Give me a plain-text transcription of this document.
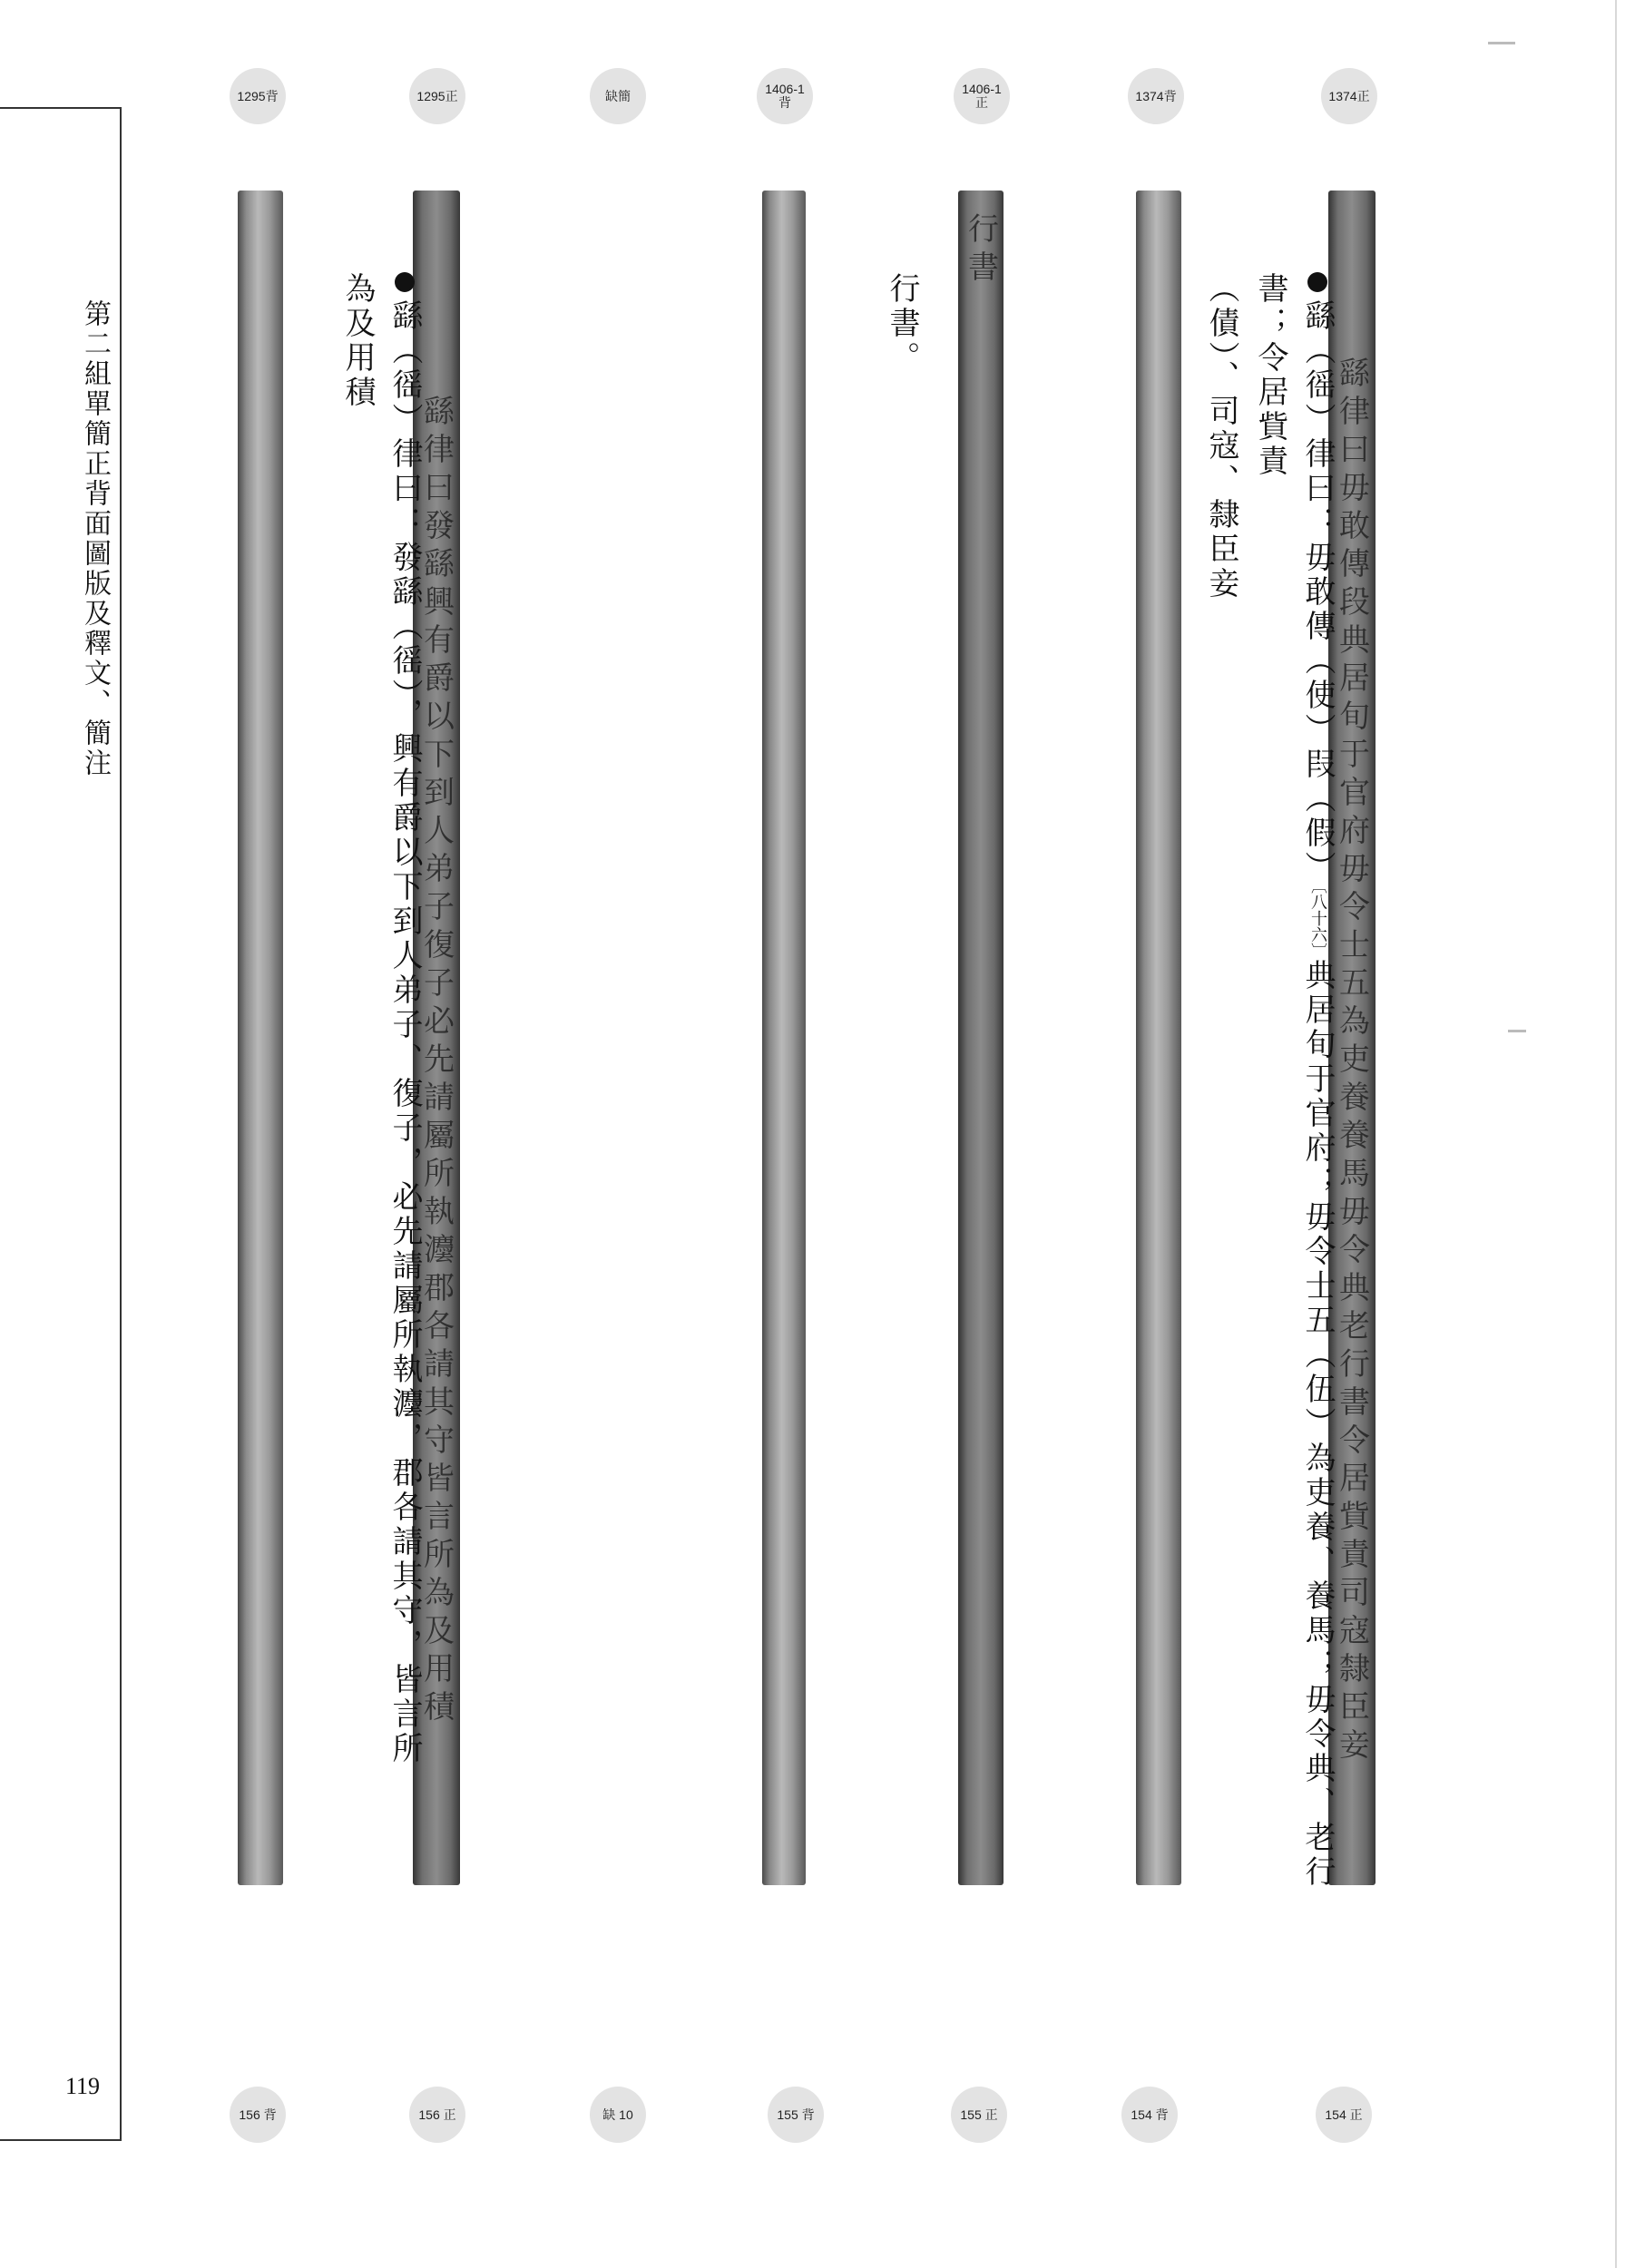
第二組單簡正背面圖版及釋文、簡注
119
1295背	1295正	缺簡	1406-1 背
1406-1 正	1374背	1374正
繇律曰發繇興有爵以下到人弟子復子必先請屬所執灋郡各請其守皆言所為及用積
行書
繇律曰毋敢傳段典居旬于官府毋令士五為吏養養馬毋令典老行書令居貲責司寇隸臣妾
繇（徭）律曰：發繇（徭），興有爵以下到人弟子、復子，必先請屬所執灋，郡各請其守，皆言所為及用積	行書。	繇（徭）律曰：毋敢傳（使）叚（假）〔八十六〕典居旬于官府；毋令士五（伍）為吏養、養馬；毋令典、老行書；令居貲責
（債）、司寇、隸臣妾
156 背	156 正	缺 10	155 背	155 正	154 背	154 正
